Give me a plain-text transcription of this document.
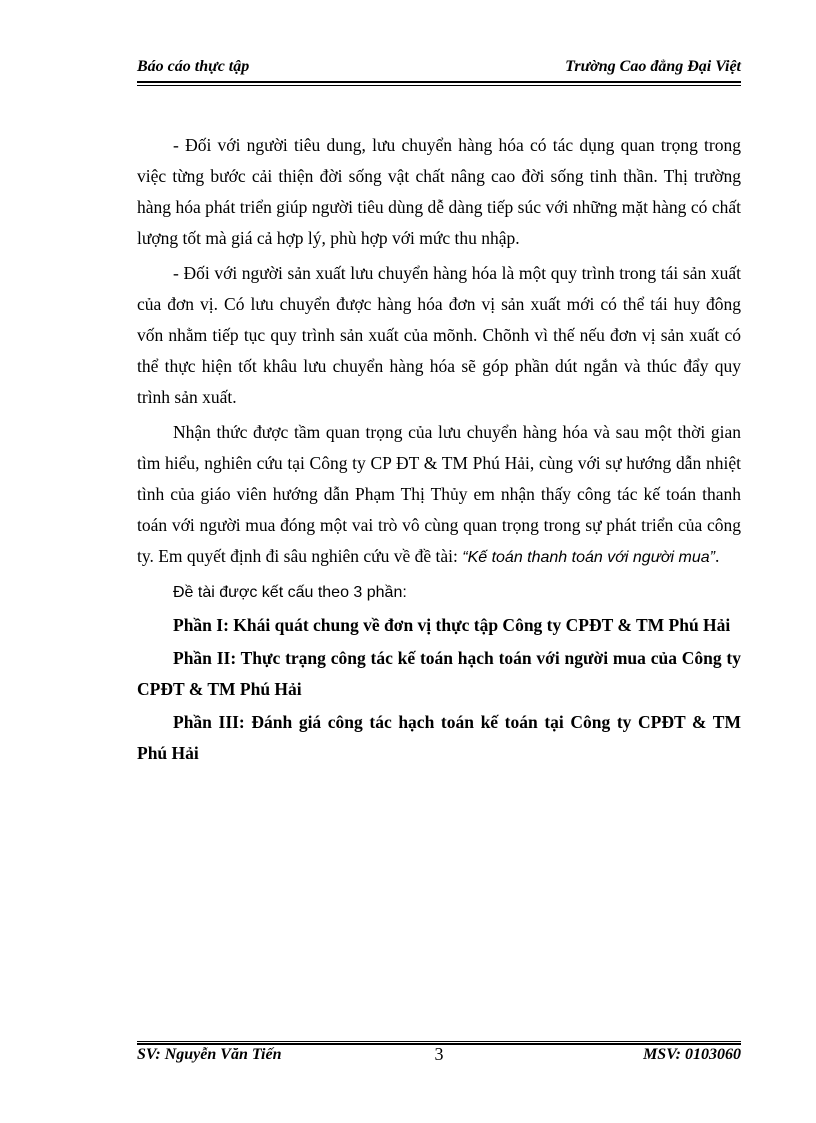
Báo cáo thực tập	Trường Cao đẳng Đại Việt

- Đối với người tiêu dung, lưu chuyển hàng hóa có tác dụng quan trọng trong việc từng bước cải thiện đời sống vật chất nâng cao đời sống tinh thần. Thị trường hàng hóa phát triển giúp người tiêu dùng dễ dàng tiếp súc với những mặt hàng có chất lượng tốt mà giá cả hợp lý, phù hợp với mức thu nhập.

- Đối với người sản xuất lưu chuyển hàng hóa là một quy trình trong tái sản xuất của đơn vị. Có lưu chuyển được hàng hóa đơn vị sản xuất mới có thể tái huy đông vốn nhằm tiếp tục quy trình sản xuất của mõnh. Chõnh vì thế nếu đơn vị sản xuất có thể thực hiện tốt khâu lưu chuyển hàng hóa sẽ góp phần dút ngắn và thúc đẩy quy trình sản xuất.

Nhận thức được tầm quan trọng của lưu chuyển hàng hóa và sau một thời gian tìm hiểu, nghiên cứu tại Công ty CP ĐT & TM Phú Hải, cùng với sự hướng dẫn nhiệt tình của giáo viên hướng dẫn Phạm Thị Thủy em nhận thấy công tác kế toán thanh toán với người mua đóng một vai trò vô cùng quan trọng trong sự phát triển của công ty. Em quyết định đi sâu nghiên cứu về đề tài: “Kế toán thanh toán với người mua”.

Đề tài được kết cấu theo 3 phần:

Phần I: Khái quát chung về đơn vị thực tập Công ty CPĐT & TM Phú Hải

Phần II: Thực trạng công tác kế toán hạch toán với người mua của Công ty CPĐT & TM Phú Hải

Phần III: Đánh giá công tác hạch toán kế toán tại Công ty CPĐT & TM Phú Hải

SV: Nguyễn Văn Tiến	3	MSV: 0103060
